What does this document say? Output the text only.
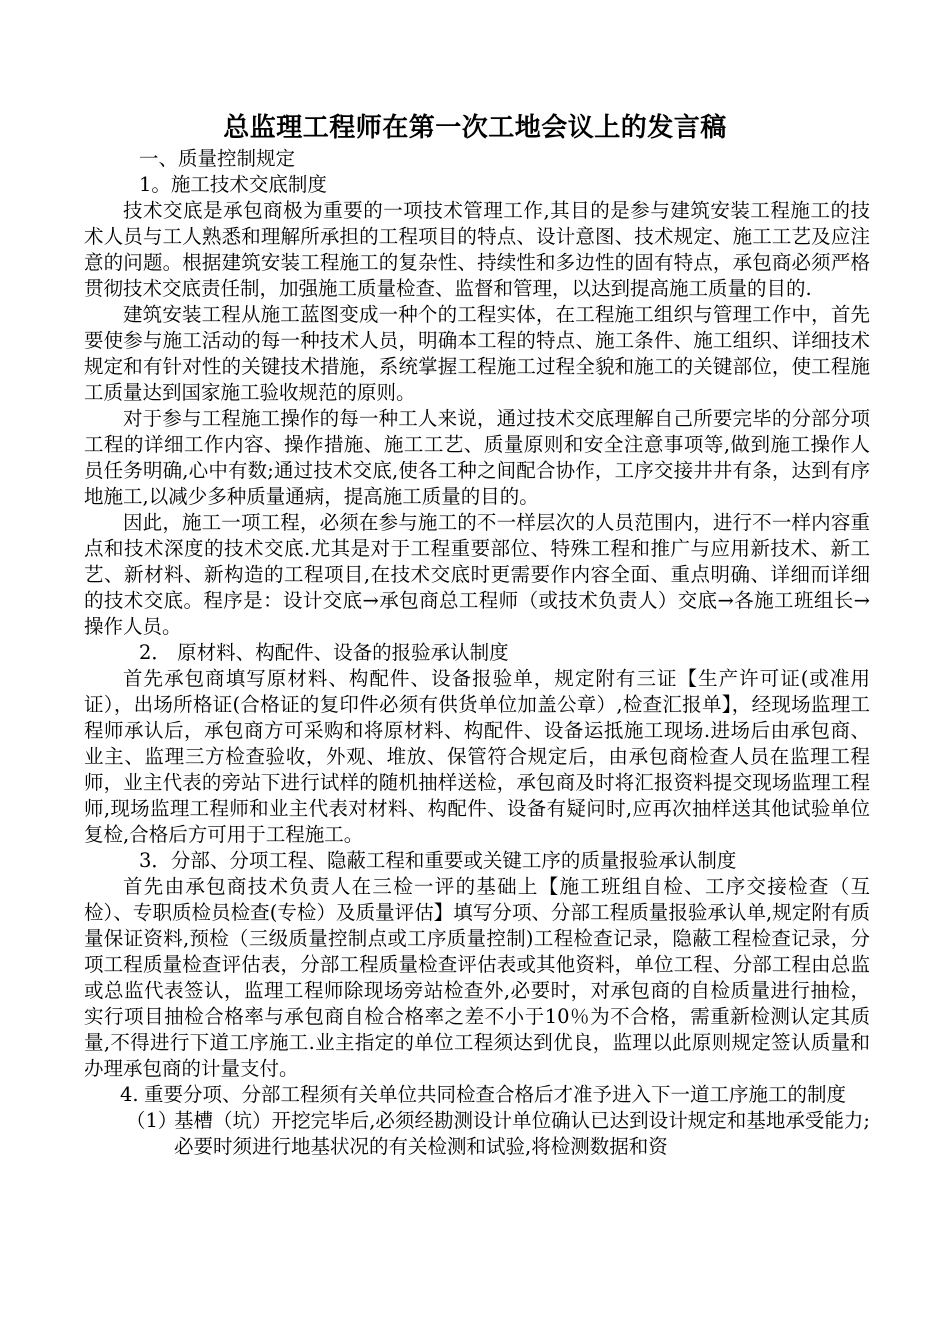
总监理工程师在第一次工地会议上的发言稿

一、质量控制规定

1。施工技术交底制度

技术交底是承包商极为重要的一项技术管理工作,其目的是参与建筑安装工程施工的技术人员与工人熟悉和理解所承担的工程项目的特点、设计意图、技术规定、施工工艺及应注意的问题。根据建筑安装工程施工的复杂性、持续性和多边性的固有特点，承包商必须严格贯彻技术交底责任制，加强施工质量检查、监督和管理，以达到提高施工质量的目的.

建筑安装工程从施工蓝图变成一种个的工程实体，在工程施工组织与管理工作中，首先要使参与施工活动的每一种技术人员，明确本工程的特点、施工条件、施工组织、详细技术规定和有针对性的关键技术措施，系统掌握工程施工过程全貌和施工的关键部位，使工程施工质量达到国家施工验收规范的原则。

对于参与工程施工操作的每一种工人来说，通过技术交底理解自己所要完毕的分部分项工程的详细工作内容、操作措施、施工工艺、质量原则和安全注意事项等,做到施工操作人员任务明确,心中有数;通过技术交底,使各工种之间配合协作，工序交接井井有条，达到有序地施工,以减少多种质量通病，提高施工质量的目的。

因此，施工一项工程，必须在参与施工的不一样层次的人员范围内，进行不一样内容重点和技术深度的技术交底.尤其是对于工程重要部位、特殊工程和推广与应用新技术、新工艺、新材料、新构造的工程项目,在技术交底时更需要作内容全面、重点明确、详细而详细的技术交底。程序是：设计交底→承包商总工程师（或技术负责人）交底→各施工班组长→操作人员。

2． 原材料、构配件、设备的报验承认制度

首先承包商填写原材料、构配件、设备报验单，规定附有三证【生产许可证(或准用证），出场所格证(合格证的复印件必须有供货单位加盖公章）,检查汇报单】，经现场监理工程师承认后，承包商方可采购和将原材料、构配件、设备运抵施工现场.进场后由承包商、业主、监理三方检查验收，外观、堆放、保管符合规定后，由承包商检查人员在监理工程师，业主代表的旁站下进行试样的随机抽样送检，承包商及时将汇报资料提交现场监理工程师,现场监理工程师和业主代表对材料、构配件、设备有疑问时,应再次抽样送其他试验单位复检,合格后方可用于工程施工。

3．分部、分项工程、隐蔽工程和重要或关键工序的质量报验承认制度

首先由承包商技术负责人在三检一评的基础上【施工班组自检、工序交接检查（互检）、专职质检员检查(专检）及质量评估】填写分项、分部工程质量报验承认单,规定附有质量保证资料,预检（三级质量控制点或工序质量控制)工程检查记录，隐蔽工程检查记录，分项工程质量检查评估表，分部工程质量检查评估表或其他资料，单位工程、分部工程由总监或总监代表签认，监理工程师除现场旁站检查外,必要时，对承包商的自检质量进行抽检，实行项目抽检合格率与承包商自检合格率之差不小于10％为不合格，需重新检测认定其质量,不得进行下道工序施工.业主指定的单位工程须达到优良，监理以此原则规定签认质量和办理承包商的计量支付。

4. 重要分项、分部工程须有关单位共同检查合格后才准予进入下一道工序施工的制度

（1）
基槽（坑）开挖完毕后,必须经勘测设计单位确认已达到设计规定和基地承受能力;必要时须进行地基状况的有关检测和试验,将检测数据和资
